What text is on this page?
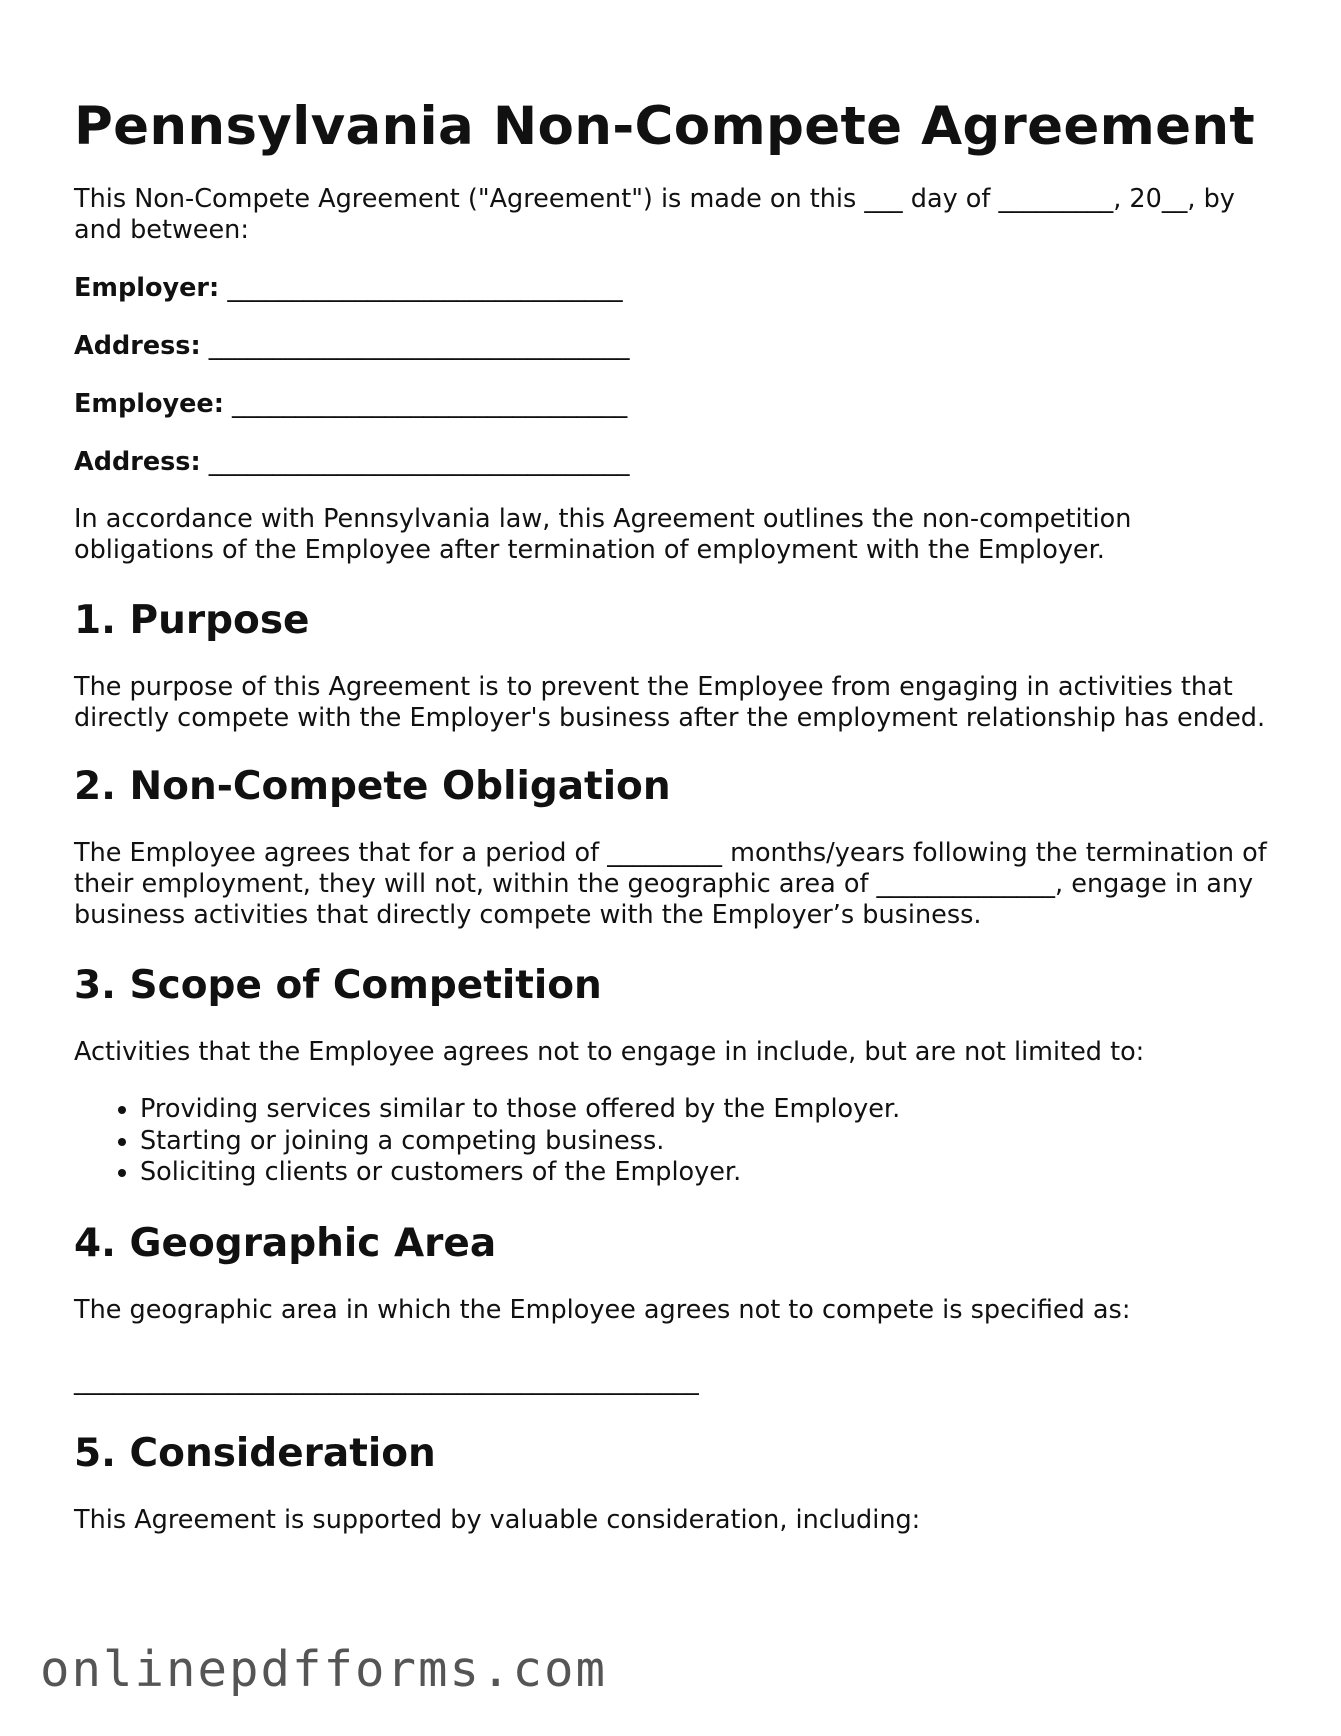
Pennsylvania Non-Compete Agreement

This Non-Compete Agreement ("Agreement") is made on this ___ day of _________, 20__, by and between:

Employer: _______________________________
Address: _________________________________
Employee: _______________________________
Address: _________________________________

In accordance with Pennsylvania law, this Agreement outlines the non-competition obligations of the Employee after termination of employment with the Employer.

1. Purpose

The purpose of this Agreement is to prevent the Employee from engaging in activities that directly compete with the Employer's business after the employment relationship has ended.

2. Non-Compete Obligation

The Employee agrees that for a period of _________ months/years following the termination of their employment, they will not, within the geographic area of ______________, engage in any business activities that directly compete with the Employer’s business.

3. Scope of Competition

Activities that the Employee agrees not to engage in include, but are not limited to:

• Providing services similar to those offered by the Employer.
• Starting or joining a competing business.
• Soliciting clients or customers of the Employer.
4. Geographic Area

The geographic area in which the Employee agrees not to compete is specified as:

_________________________________________________
5. Consideration

This Agreement is supported by valuable consideration, including:

onlinepdfforms.com
